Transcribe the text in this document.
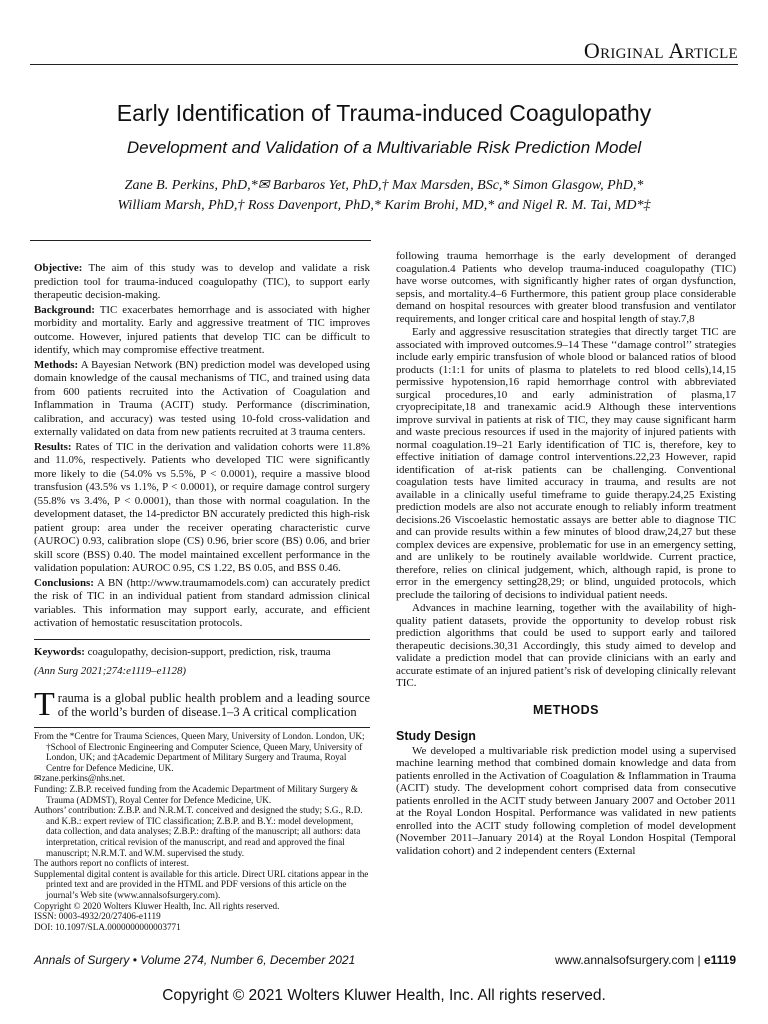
Original Article
Early Identification of Trauma-induced Coagulopathy
Development and Validation of a Multivariable Risk Prediction Model
Zane B. Perkins, PhD,*✉ Barbaros Yet, PhD,† Max Marsden, BSc,* Simon Glasgow, PhD,*
William Marsh, PhD,† Ross Davenport, PhD,* Karim Brohi, MD,* and Nigel R. M. Tai, MD*‡

Objective: The aim of this study was to develop and validate a risk prediction tool for trauma-induced coagulopathy (TIC), to support early therapeutic decision-making.

Background: TIC exacerbates hemorrhage and is associated with higher morbidity and mortality. Early and aggressive treatment of TIC improves outcome. However, injured patients that develop TIC can be difficult to identify, which may compromise effective treatment.

Methods: A Bayesian Network (BN) prediction model was developed using domain knowledge of the causal mechanisms of TIC, and trained using data from 600 patients recruited into the Activation of Coagulation and Inflammation in Trauma (ACIT) study. Performance (discrimination, calibration, and accuracy) was tested using 10-fold cross-validation and externally validated on data from new patients recruited at 3 trauma centers.

Results: Rates of TIC in the derivation and validation cohorts were 11.8% and 11.0%, respectively. Patients who developed TIC were significantly more likely to die (54.0% vs 5.5%, P < 0.0001), require a massive blood transfusion (43.5% vs 1.1%, P < 0.0001), or require damage control surgery (55.8% vs 3.4%, P < 0.0001), than those with normal coagulation. In the development dataset, the 14-predictor BN accurately predicted this high-risk patient group: area under the receiver operating characteristic curve (AUROC) 0.93, calibration slope (CS) 0.96, brier score (BS) 0.06, and brier skill score (BSS) 0.40. The model maintained excellent performance in the validation population: AUROC 0.95, CS 1.22, BS 0.05, and BSS 0.46.

Conclusions: A BN (http://www.traumamodels.com) can accurately predict the risk of TIC in an individual patient from standard admission clinical variables. This information may support early, accurate, and efficient activation of hemostatic resuscitation protocols.

Keywords: coagulopathy, decision-support, prediction, risk, trauma

(Ann Surg 2021;274:e1119–e1128)

Trauma is a global public health problem and a leading source of the world’s burden of disease.1–3 A critical complication

From the *Centre for Trauma Sciences, Queen Mary, University of London. London, UK; †School of Electronic Engineering and Computer Science, Queen Mary, University of London, UK; and ‡Academic Department of Military Surgery and Trauma, Royal Centre for Defence Medicine, UK.

✉zane.perkins@nhs.net.

Funding: Z.B.P. received funding from the Academic Department of Military Surgery & Trauma (ADMST), Royal Center for Defence Medicine, UK.

Authors’ contribution: Z.B.P. and N.R.M.T. conceived and designed the study; S.G., R.D. and K.B.: expert review of TIC classification; Z.B.P. and B.Y.: model development, data collection, and data analyses; Z.B.P.: drafting of the manuscript; all authors: data interpretation, critical revision of the manuscript, and read and approved the final manuscript; N.R.M.T. and W.M. supervised the study.

The authors report no conflicts of interest.

Supplemental digital content is available for this article. Direct URL citations appear in the printed text and are provided in the HTML and PDF versions of this article on the journal’s Web site (www.annalsofsurgery.com).

Copyright © 2020 Wolters Kluwer Health, Inc. All rights reserved.

ISSN: 0003-4932/20/27406-e1119

DOI: 10.1097/SLA.0000000000003771

following trauma hemorrhage is the early development of deranged coagulation.4 Patients who develop trauma-induced coagulopathy (TIC) have worse outcomes, with significantly higher rates of organ dysfunction, sepsis, and mortality.4–6 Furthermore, this patient group place considerable demand on hospital resources with greater blood transfusion and ventilator requirements, and longer critical care and hospital length of stay.7,8

Early and aggressive resuscitation strategies that directly target TIC are associated with improved outcomes.9–14 These ‘‘damage control’’ strategies include early empiric transfusion of whole blood or balanced ratios of blood products (1:1:1 for units of plasma to platelets to red blood cells),14,15 permissive hypotension,16 rapid hemorrhage control with abbreviated surgical procedures,10 and early administration of plasma,17 cryoprecipitate,18 and tranexamic acid.9 Although these interventions improve survival in patients at risk of TIC, they may cause significant harm and waste precious resources if used in the majority of injured patients with normal coagulation.19–21 Early identification of TIC is, therefore, key to effective initiation of damage control interventions.22,23 However, rapid identification of at-risk patients can be challenging. Conventional coagulation tests have limited accuracy in trauma, and results are not available in a clinically useful timeframe to guide therapy.24,25 Existing prediction models are also not accurate enough to reliably inform treatment decisions.26 Viscoelastic hemostatic assays are better able to diagnose TIC and can provide results within a few minutes of blood draw,24,27 but these complex devices are expensive, problematic for use in an emergency setting, and are unlikely to be routinely available worldwide. Current practice, therefore, relies on clinical judgement, which, although rapid, is prone to error in the emergency setting28,29; or blind, unguided protocols, which preclude the tailoring of decisions to individual patient needs.

Advances in machine learning, together with the availability of high-quality patient datasets, provide the opportunity to develop robust risk prediction algorithms that could be used to support early and tailored therapeutic decisions.30,31 Accordingly, this study aimed to develop and validate a prediction model that can provide clinicians with an early and accurate estimate of an injured patient’s risk of developing clinically relevant TIC.

METHODS
Study Design

We developed a multivariable risk prediction model using a supervised machine learning method that combined domain knowledge and data from patients enrolled in the Activation of Coagulation & Inflammation in Trauma (ACIT) study. The development cohort comprised data from consecutive patients enrolled in the ACIT study between January 2007 and October 2011 at the Royal London Hospital. Performance was validated in new patients enrolled into the ACIT study following completion of model development (November 2011–January 2014) at the Royal London Hospital (Temporal validation cohort) and 2 independent centers (External

Annals of Surgery • Volume 274, Number 6, December 2021	www.annalsofsurgery.com | e1119
Copyright © 2021 Wolters Kluwer Health, Inc. All rights reserved.
